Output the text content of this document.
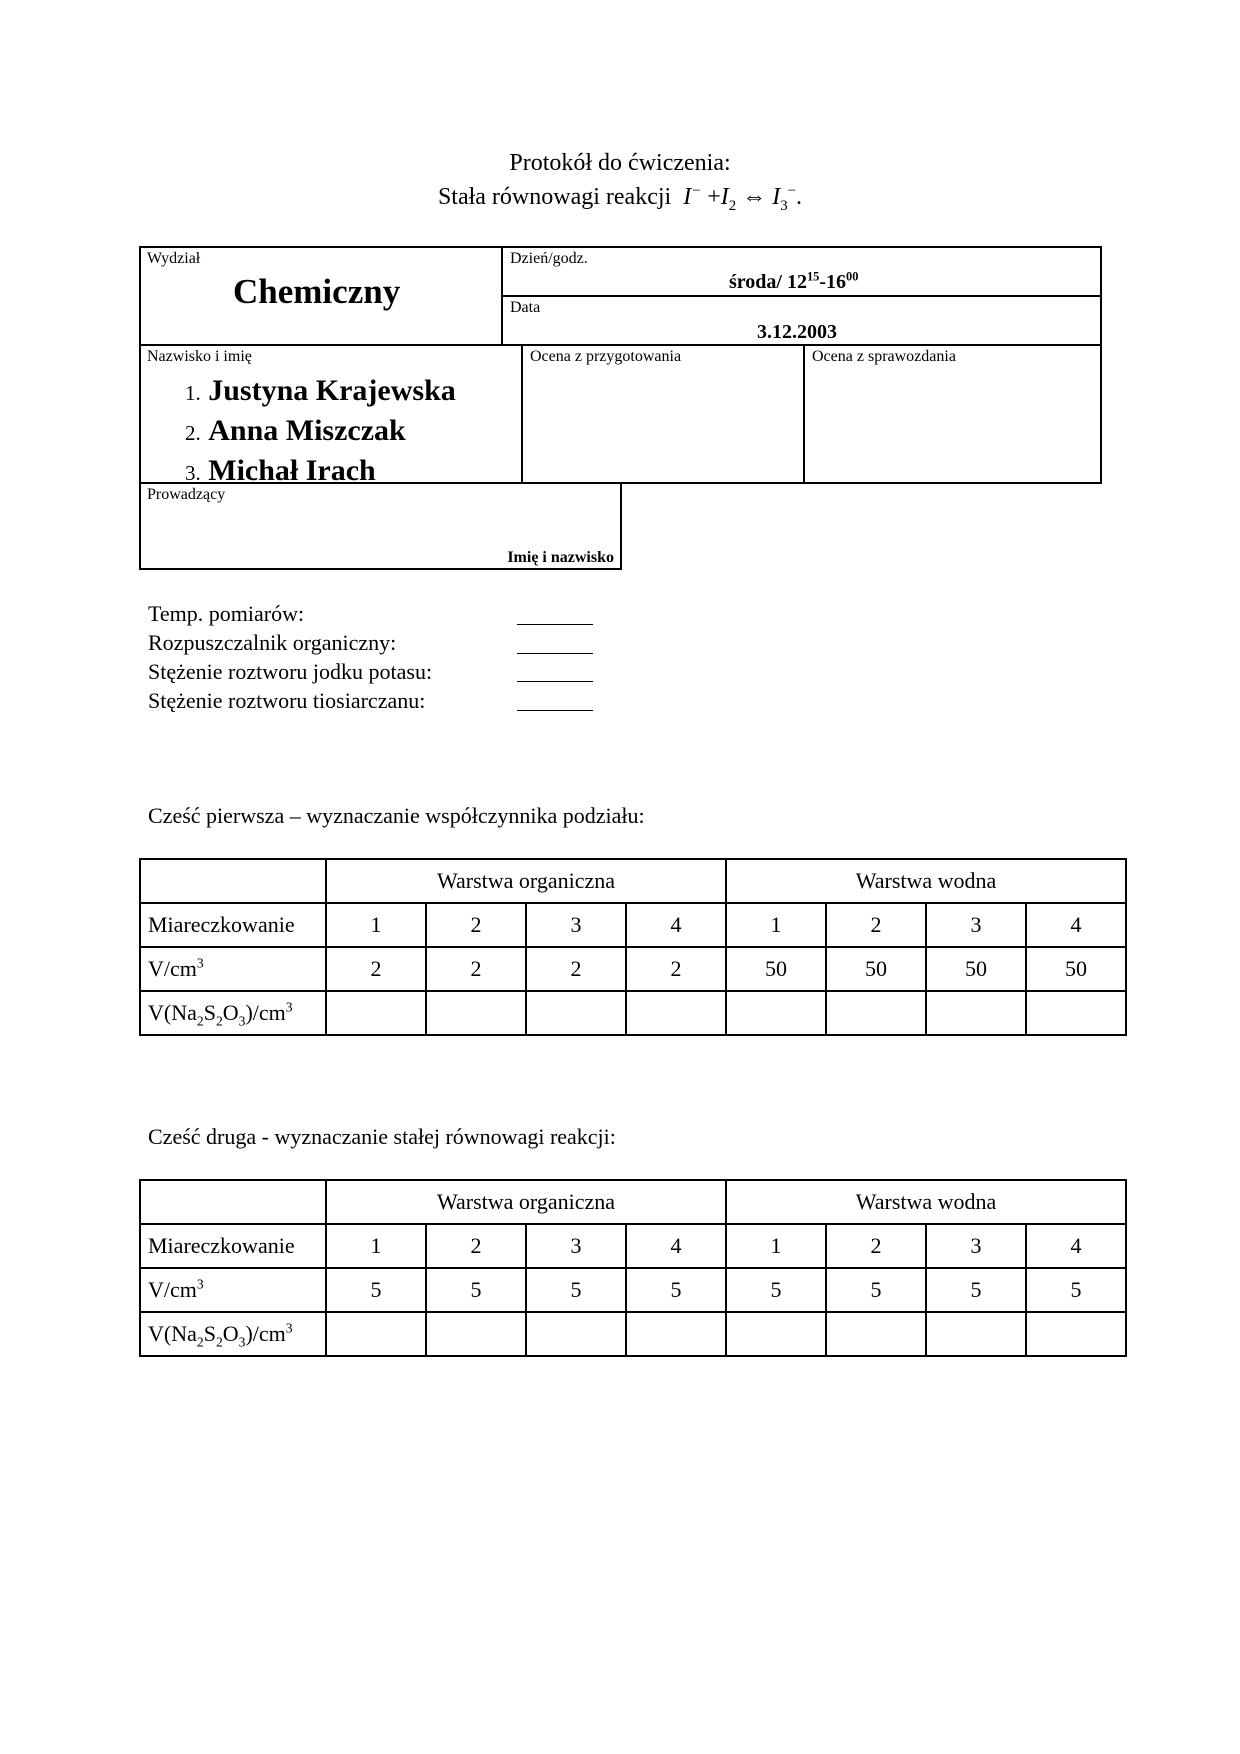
Protokół do ćwiczenia:
Stała równowagi reakcji $I^- +I_2$ ⇔ $I_3^-$.
Wydział
Chemiczny
Dzień/godz.
środa/ $12^{15}-16^{00}$
Data
3.12.2003
Nazwisko i imię
1. Justyna Krajewska
2. Anna Miszczak
3. Michał Irach
Ocena z przygotowania	Ocena z sprawozdania
Prowadzący
Imię i nazwisko
Temp. pomiarów:
Rozpuszczalnik organiczny:
Stężenie roztworu jodku potasu:
Stężenie roztworu tiosiarczanu:
Cześć pierwsza – wyznaczanie współczynnika podziału:
	Warstwa organiczna				Warstwa wodna			
Miareczkowanie	1	2	3	4	1	2	3	4
$V/cm^3$	2	2	2	2	50	50	50	50
$V(Na_2S_2O_3)/cm^3$								
Cześć druga - wyznaczanie stałej równowagi reakcji:
	Warstwa organiczna				Warstwa wodna			
Miareczkowanie	1	2	3	4	1	2	3	4
$V/cm^3$	5	5	5	5	5	5	5	5
$V(Na_2S_2O_3)/cm^3$								
